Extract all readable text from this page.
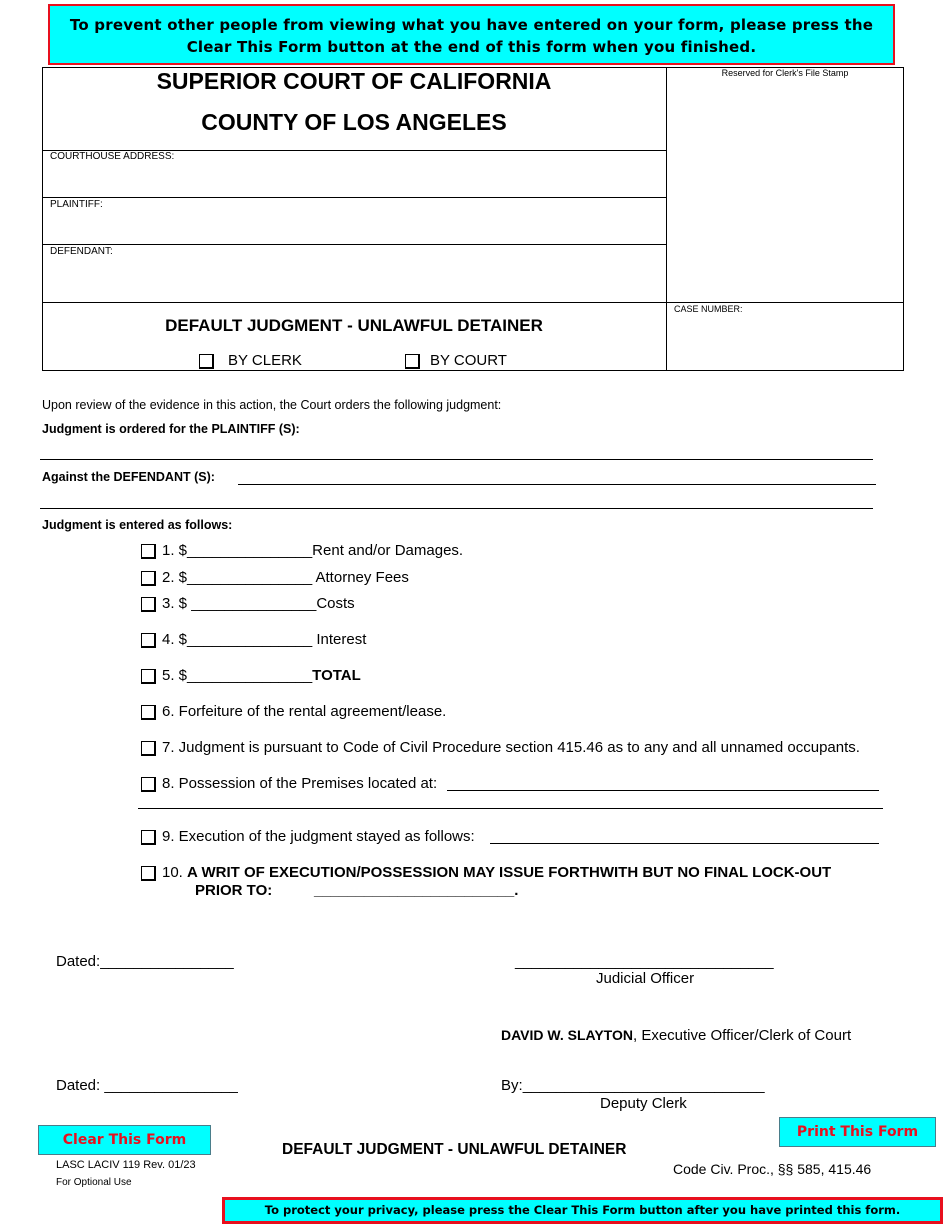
To prevent other people from viewing what you have entered on your form, please press the
Clear This Form button at the end of this form when you finished.
SUPERIOR COURT OF CALIFORNIA
COUNTY OF LOS ANGELES
COURTHOUSE ADDRESS:
PLAINTIFF:
DEFENDANT:
Reserved for Clerk's File Stamp
CASE NUMBER:
DEFAULT JUDGMENT - UNLAWFUL DETAINER
BY CLERK	BY COURT
Upon review of the evidence in this action, the Court orders the following judgment:
Judgment is ordered for the PLAINTIFF (S):
Against the DEFENDANT (S):
Judgment is entered as follows:
1. $_______________Rent and/or Damages.
2. $_______________ Attorney Fees
3. $ _______________Costs
4. $_______________ Interest
5. $_______________TOTAL
6. Forfeiture of the rental agreement/lease.
7. Judgment is pursuant to Code of Civil Procedure section 415.46 as to any and all unnamed occupants.
8. Possession of the Premises located at:
9. Execution of the judgment stayed as follows:
10. A WRIT OF EXECUTION/POSSESSION MAY ISSUE FORTHWITH BUT NO FINAL LOCK-OUT
PRIOR TO:	________________________.
Dated:________________	_______________________________
Judicial Officer
DAVID W. SLAYTON, Executive Officer/Clerk of Court
Dated: ________________	By:_____________________________
Deputy Clerk
Clear This Form	Print This Form
DEFAULT JUDGMENT - UNLAWFUL DETAINER
LASC LACIV 119 Rev. 01/23
For Optional Use
Code Civ. Proc., §§ 585, 415.46
To protect your privacy, please press the Clear This Form button after you have printed this form.
